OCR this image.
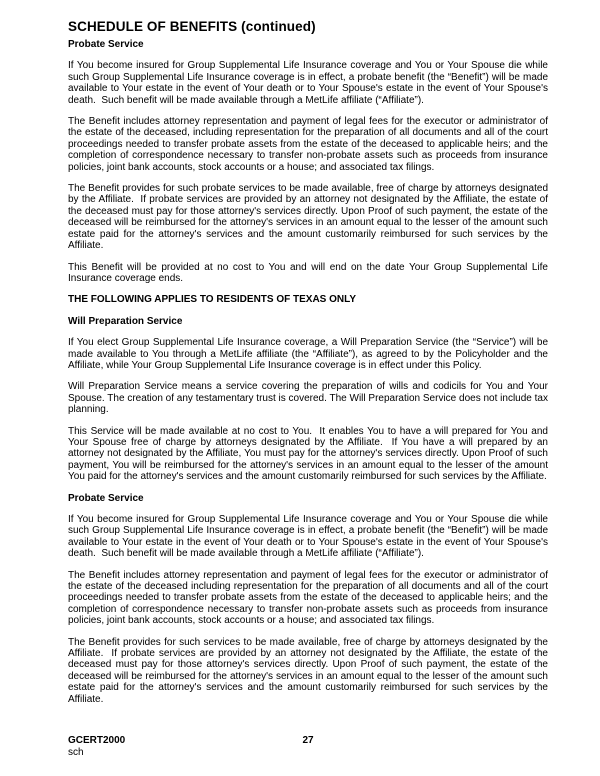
SCHEDULE OF BENEFITS (continued)
Probate Service
If You become insured for Group Supplemental Life Insurance coverage and You or Your Spouse die while such Group Supplemental Life Insurance coverage is in effect, a probate benefit (the “Benefit”) will be made available to Your estate in the event of Your death or to Your Spouse's estate in the event of Your Spouse's death.  Such benefit will be made available through a MetLife affiliate (“Affiliate”).
The Benefit includes attorney representation and payment of legal fees for the executor or administrator of the estate of the deceased, including representation for the preparation of all documents and all of the court proceedings needed to transfer probate assets from the estate of the deceased to applicable heirs; and the completion of correspondence necessary to transfer non-probate assets such as proceeds from insurance policies, joint bank accounts, stock accounts or a house; and associated tax filings.
The Benefit provides for such probate services to be made available, free of charge by attorneys designated by the Affiliate.  If probate services are provided by an attorney not designated by the Affiliate, the estate of the deceased must pay for those attorney's services directly. Upon Proof of such payment, the estate of the deceased will be reimbursed for the attorney's services in an amount equal to the lesser of the amount such estate paid for the attorney's services and the amount customarily reimbursed for such services by the Affiliate.
This Benefit will be provided at no cost to You and will end on the date Your Group Supplemental Life Insurance coverage ends.
THE FOLLOWING APPLIES TO RESIDENTS OF TEXAS ONLY
Will Preparation Service
If You elect Group Supplemental Life Insurance coverage, a Will Preparation Service (the “Service”) will be made available to You through a MetLife affiliate (the “Affiliate”), as agreed to by the Policyholder and the Affiliate, while Your Group Supplemental Life Insurance coverage is in effect under this Policy.
Will Preparation Service means a service covering the preparation of wills and codicils for You and Your Spouse. The creation of any testamentary trust is covered. The Will Preparation Service does not include tax planning.
This Service will be made available at no cost to You.  It enables You to have a will prepared for You and Your Spouse free of charge by attorneys designated by the Affiliate.  If You have a will prepared by an attorney not designated by the Affiliate, You must pay for the attorney's services directly. Upon Proof of such payment, You will be reimbursed for the attorney's services in an amount equal to the lesser of the amount You paid for the attorney's services and the amount customarily reimbursed for such services by the Affiliate.
Probate Service
If You become insured for Group Supplemental Life Insurance coverage and You or Your Spouse die while such Group Supplemental Life Insurance coverage is in effect, a probate benefit (the “Benefit”) will be made available to Your estate in the event of Your death or to Your Spouse's estate in the event of Your Spouse's death.  Such benefit will be made available through a MetLife affiliate (“Affiliate”).
The Benefit includes attorney representation and payment of legal fees for the executor or administrator of the estate of the deceased including representation for the preparation of all documents and all of the court proceedings needed to transfer probate assets from the estate of the deceased to applicable heirs; and the completion of correspondence necessary to transfer non-probate assets such as proceeds from insurance policies, joint bank accounts, stock accounts or a house; and associated tax filings.
The Benefit provides for such services to be made available, free of charge by attorneys designated by the Affiliate.  If probate services are provided by an attorney not designated by the Affiliate, the estate of the deceased must pay for those attorney's services directly. Upon Proof of such payment, the estate of the deceased will be reimbursed for the attorney's services in an amount equal to the lesser of the amount such estate paid for the attorney's services and the amount customarily reimbursed for such services by the Affiliate.
GCERT2000
sch
27
